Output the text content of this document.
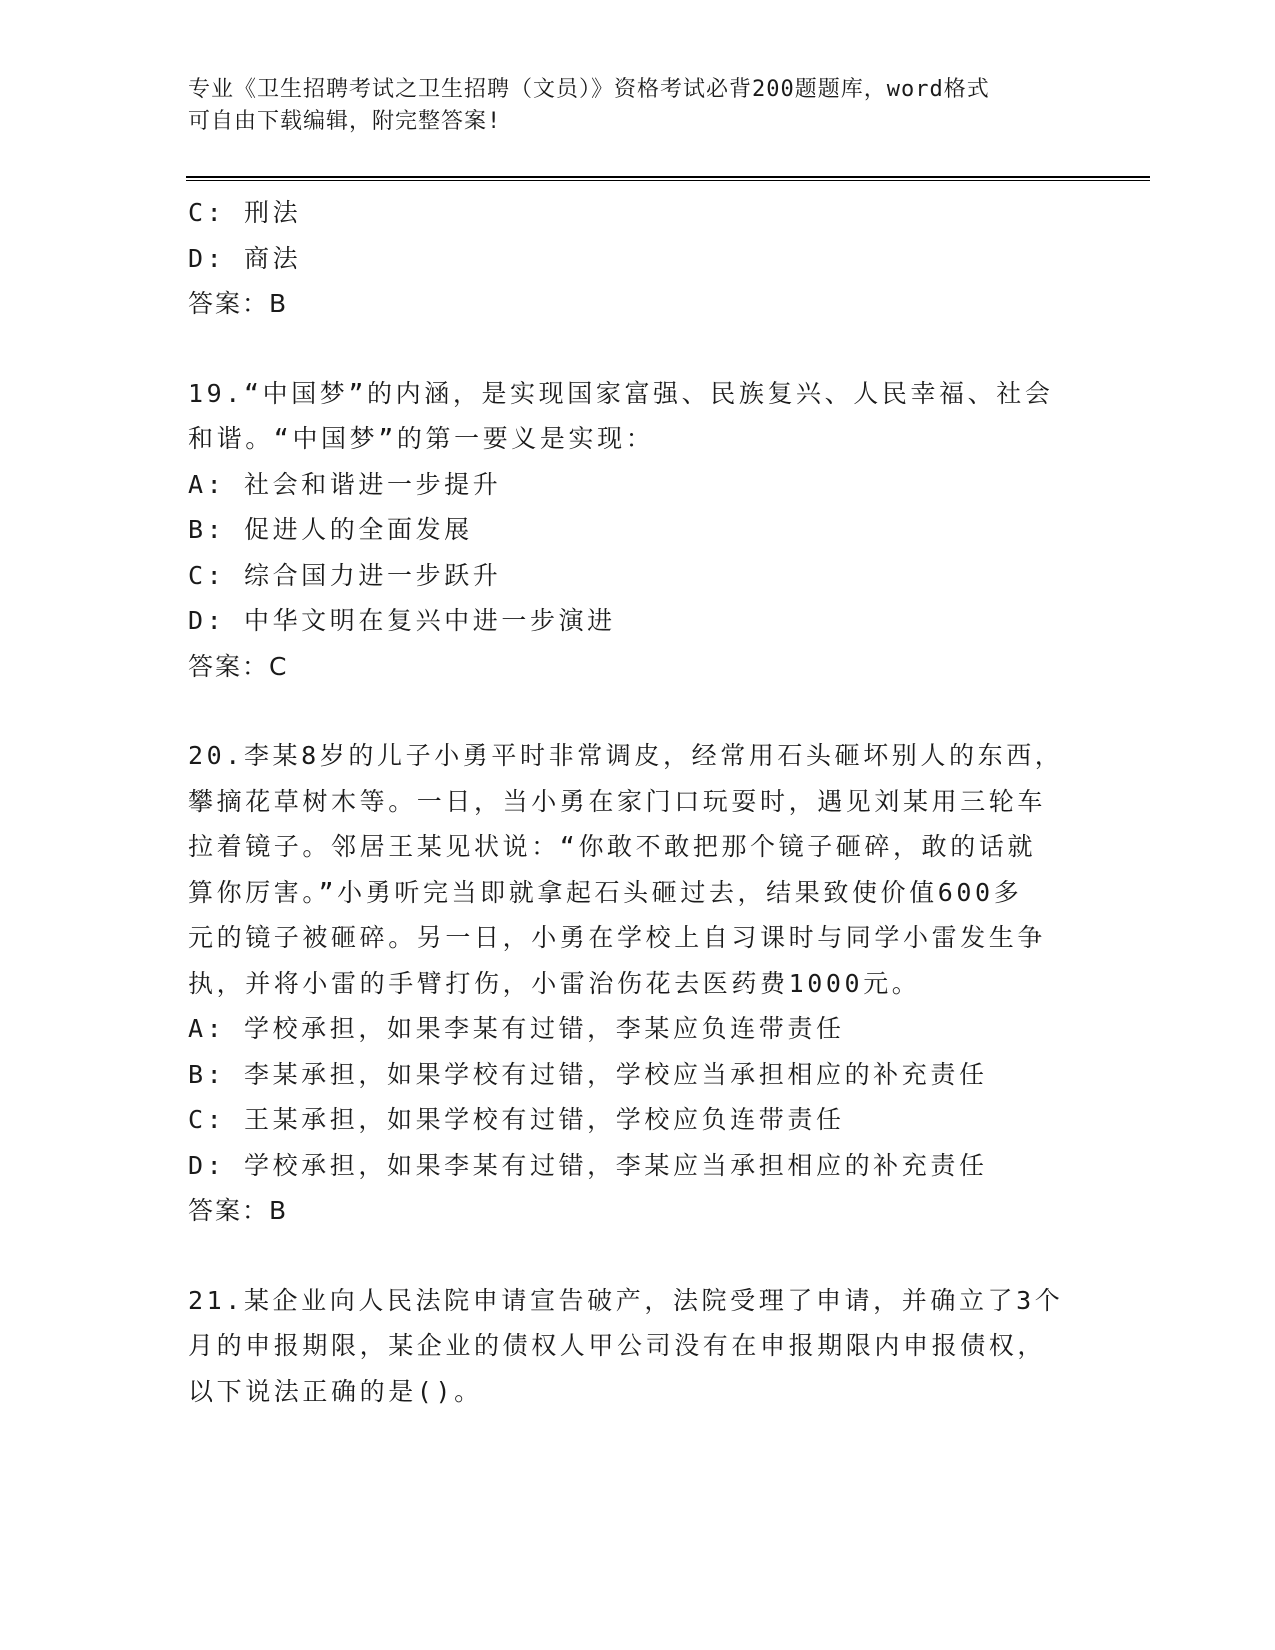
专业《卫生招聘考试之卫生招聘（文员）》资格考试必背200题题库，word格式
可自由下载编辑，附完整答案!
C: 刑法
D: 商法
答案：B
19.“中国梦”的内涵，是实现国家富强、民族复兴、人民幸福、社会
和谐。“中国梦”的第一要义是实现：
A: 社会和谐进一步提升
B: 促进人的全面发展
C: 综合国力进一步跃升
D: 中华文明在复兴中进一步演进
答案：C
20.李某8岁的儿子小勇平时非常调皮，经常用石头砸坏别人的东西，
攀摘花草树木等。一日，当小勇在家门口玩耍时，遇见刘某用三轮车
拉着镜子。邻居王某见状说：“你敢不敢把那个镜子砸碎，敢的话就
算你厉害。”小勇听完当即就拿起石头砸过去，结果致使价值600多
元的镜子被砸碎。另一日，小勇在学校上自习课时与同学小雷发生争
执，并将小雷的手臂打伤，小雷治伤花去医药费1000元。
A: 学校承担，如果李某有过错，李某应负连带责任
B: 李某承担，如果学校有过错，学校应当承担相应的补充责任
C: 王某承担，如果学校有过错，学校应负连带责任
D: 学校承担，如果李某有过错，李某应当承担相应的补充责任
答案：B
21.某企业向人民法院申请宣告破产，法院受理了申请，并确立了3个
月的申报期限，某企业的债权人甲公司没有在申报期限内申报债权，
以下说法正确的是()。
